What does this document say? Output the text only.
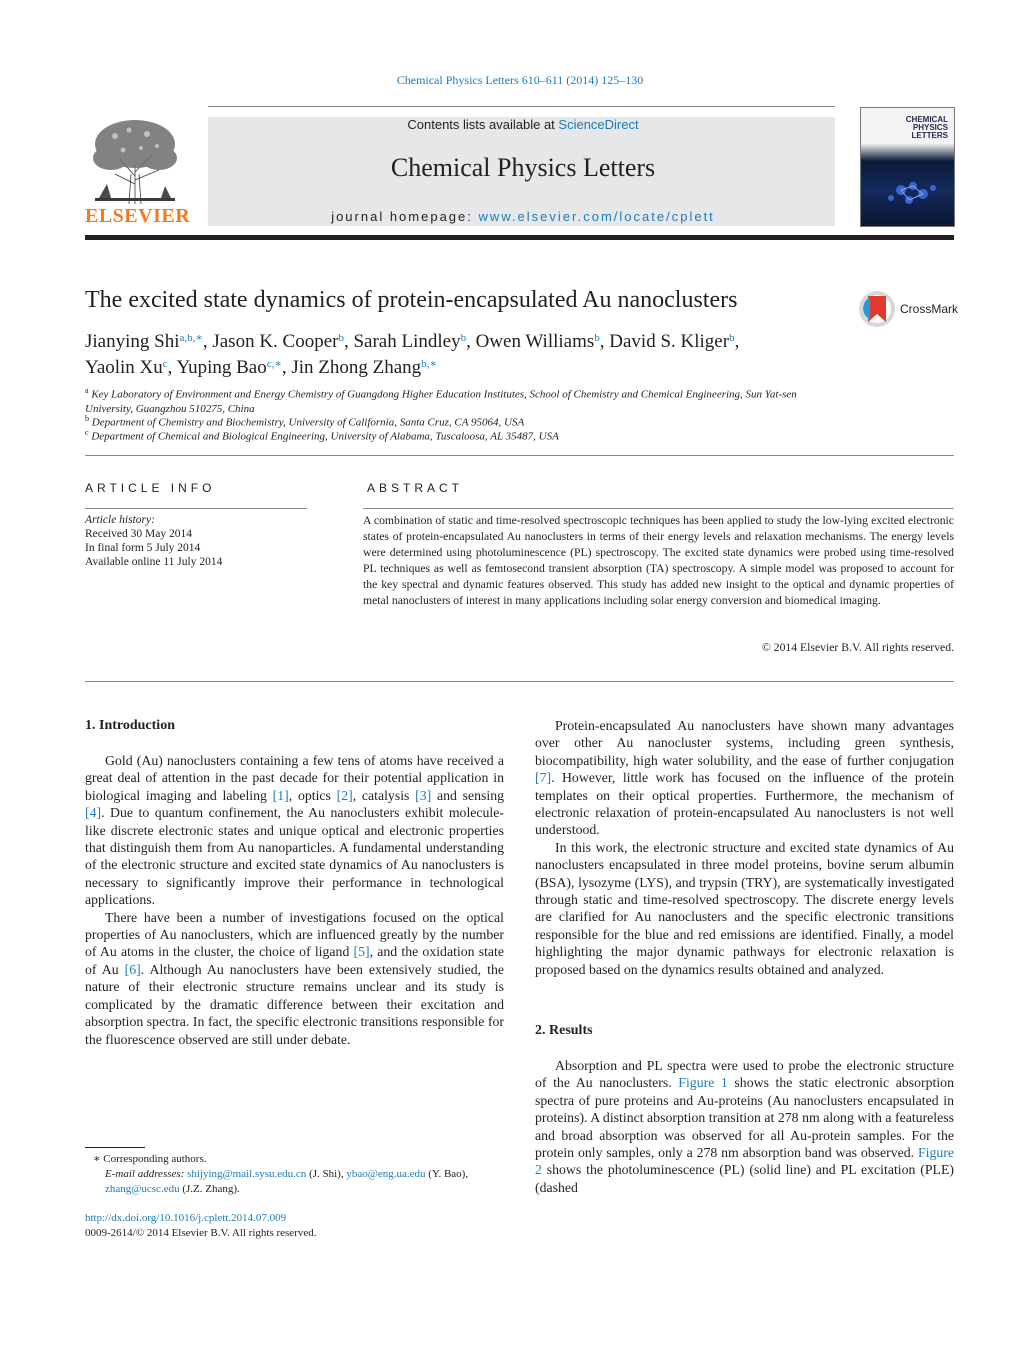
Chemical Physics Letters 610–611 (2014) 125–130
ELSEVIER
Contents lists available at ScienceDirect
Chemical Physics Letters
journal homepage: www.elsevier.com/locate/cplett
CHEMICAL PHYSICS LETTERS
The excited state dynamics of protein-encapsulated Au nanoclusters	CrossMark
Jianying Shi$^{a,b,∗}$, Jason K. Cooper$^b$, Sarah Lindley$^b$, Owen Williams$^b$, David S. Kliger$^b$,
Yaolin Xu$^c$, Yuping Bao$^{c,∗}$, Jin Zhong Zhang$^{b,∗}$
$^a$ Key Laboratory of Environment and Energy Chemistry of Guangdong Higher Education Institutes, School of Chemistry and Chemical Engineering, Sun Yat-sen University, Guangzhou 510275, China
$^b$ Department of Chemistry and Biochemistry, University of California, Santa Cruz, CA 95064, USA
$^c$ Department of Chemical and Biological Engineering, University of Alabama, Tuscaloosa, AL 35487, USA
ARTICLE INFO
Article history:
Received 30 May 2014
In final form 5 July 2014
Available online 11 July 2014
ABSTRACT
A combination of static and time-resolved spectroscopic techniques has been applied to study the low-lying excited electronic states of protein-encapsulated Au nanoclusters in terms of their energy levels and relaxation mechanisms. The energy levels were determined using photoluminescence (PL) spectroscopy. The excited state dynamics were probed using time-resolved PL techniques as well as femtosecond transient absorption (TA) spectroscopy. A simple model was proposed to account for the key spectral and dynamic features observed. This study has added new insight to the optical and dynamic properties of metal nanoclusters of interest in many applications including solar energy conversion and biomedical imaging.
© 2014 Elsevier B.V. All rights reserved.
1. Introduction

Gold (Au) nanoclusters containing a few tens of atoms have received a great deal of attention in the past decade for their potential application in biological imaging and labeling [1], optics [2], catalysis [3] and sensing [4]. Due to quantum confinement, the Au nanoclusters exhibit molecule-like discrete electronic states and unique optical and electronic properties that distinguish them from Au nanoparticles. A fundamental understanding of the electronic structure and excited state dynamics of Au nanoclusters is necessary to significantly improve their performance in technological applications.

There have been a number of investigations focused on the optical properties of Au nanoclusters, which are influenced greatly by the number of Au atoms in the cluster, the choice of ligand [5], and the oxidation state of Au [6]. Although Au nanoclusters have been extensively studied, the nature of their electronic structure remains unclear and its study is complicated by the dramatic difference between their excitation and absorption spectra. In fact, the specific electronic transitions responsible for the fluorescence observed are still under debate.

Protein-encapsulated Au nanoclusters have shown many advantages over other Au nanocluster systems, including green synthesis, biocompatibility, high water solubility, and the ease of further conjugation [7]. However, little work has focused on the influence of the protein templates on their optical properties. Furthermore, the mechanism of electronic relaxation of protein-encapsulated Au nanoclusters is not well understood.

In this work, the electronic structure and excited state dynamics of Au nanoclusters encapsulated in three model proteins, bovine serum albumin (BSA), lysozyme (LYS), and trypsin (TRY), are systematically investigated through static and time-resolved spectroscopy. The discrete energy levels are clarified for Au nanoclusters and the specific electronic transitions responsible for the blue and red emissions are identified. Finally, a model highlighting the major dynamic pathways for electronic relaxation is proposed based on the dynamics results obtained and analyzed.

2. Results

Absorption and PL spectra were used to probe the electronic structure of the Au nanoclusters. Figure 1 shows the static electronic absorption spectra of pure proteins and Au-proteins (Au nanoclusters encapsulated in proteins). A distinct absorption transition at 278 nm along with a featureless and broad absorption was observed for all Au-protein samples. For the protein only samples, only a 278 nm absorption band was observed. Figure 2 shows the photoluminescence (PL) (solid line) and PL excitation (PLE) (dashed

∗ Corresponding authors.
E-mail addresses: shijying@mail.sysu.edu.cn (J. Shi), ybao@eng.ua.edu (Y. Bao), zhang@ucsc.edu (J.Z. Zhang).
http://dx.doi.org/10.1016/j.cplett.2014.07.009
0009-2614/© 2014 Elsevier B.V. All rights reserved.
